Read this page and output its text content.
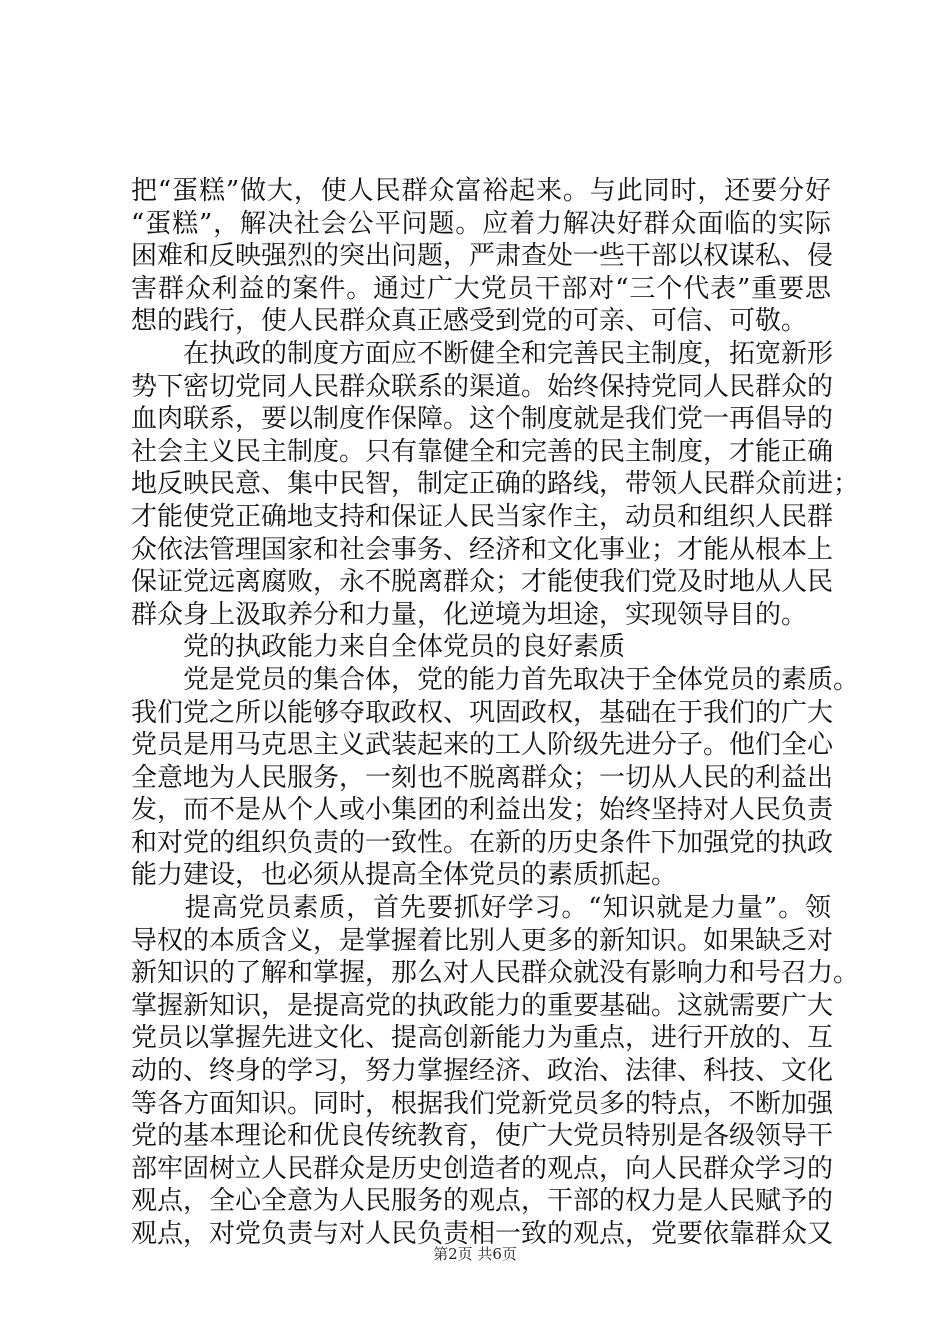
把“蛋糕”做大，使人民群众富裕起来。与此同时，还要分好
“蛋糕”，解决社会公平问题。应着力解决好群众面临的实际
困难和反映强烈的突出问题，严肃查处一些干部以权谋私、侵
害群众利益的案件。通过广大党员干部对“三个代表”重要思
想的践行，使人民群众真正感受到党的可亲、可信、可敬。
　　在执政的制度方面应不断健全和完善民主制度，拓宽新形
势下密切党同人民群众联系的渠道。始终保持党同人民群众的
血肉联系，要以制度作保障。这个制度就是我们党一再倡导的
社会主义民主制度。只有靠健全和完善的民主制度，才能正确
地反映民意、集中民智，制定正确的路线，带领人民群众前进；
才能使党正确地支持和保证人民当家作主，动员和组织人民群
众依法管理国家和社会事务、经济和文化事业；才能从根本上
保证党远离腐败，永不脱离群众；才能使我们党及时地从人民
群众身上汲取养分和力量，化逆境为坦途，实现领导目的。
　　党的执政能力来自全体党员的良好素质
　　党是党员的集合体，党的能力首先取决于全体党员的素质。
我们党之所以能够夺取政权、巩固政权，基础在于我们的广大
党员是用马克思主义武装起来的工人阶级先进分子。他们全心
全意地为人民服务，一刻也不脱离群众；一切从人民的利益出
发，而不是从个人或小集团的利益出发；始终坚持对人民负责
和对党的组织负责的一致性。在新的历史条件下加强党的执政
能力建设，也必须从提高全体党员的素质抓起。
　　提高党员素质，首先要抓好学习。“知识就是力量”。领
导权的本质含义，是掌握着比别人更多的新知识。如果缺乏对
新知识的了解和掌握，那么对人民群众就没有影响力和号召力。
掌握新知识，是提高党的执政能力的重要基础。这就需要广大
党员以掌握先进文化、提高创新能力为重点，进行开放的、互
动的、终身的学习，努力掌握经济、政治、法律、科技、文化
等各方面知识。同时，根据我们党新党员多的特点，不断加强
党的基本理论和优良传统教育，使广大党员特别是各级领导干
部牢固树立人民群众是历史创造者的观点，向人民群众学习的
观点，全心全意为人民服务的观点，干部的权力是人民赋予的
观点，对党负责与对人民负责相一致的观点，党要依靠群众又
第2页 共6页
